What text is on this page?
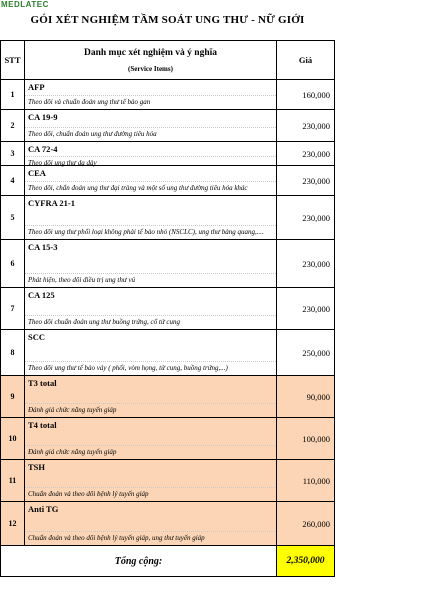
MEDLATEC
GÓI XÉT NGHIỆM TẦM SOÁT UNG THƯ - NỮ GIỚI
STT	Danh mục xét nghiệm và ý nghĩa
(Service Items)	Giá
1	AFP
Theo dõi và chuẩn đoán ung thư tế bào gan	160,000
2	CA 19-9
Theo dõi, chuẩn đoán ung thư đường tiêu hóa	230,000
3	CA 72-4
Theo dõi ung thư dạ dày	230,000
4	CEA
Theo dõi, chẩn đoán ung thư đại tràng và một số ung thư đường tiêu hóa khác	230,000
5	CYFRA 21-1
Theo dõi ung thư phổi loại không phải tế bào nhỏ (NSCLC), ung thư bàng quang,....	230,000
6	CA 15-3
Phát hiện, theo dõi điều trị ung thư vú	230,000
7	CA 125
Theo dõi chuẩn đoán ung thư buồng trứng, cổ tử cung	230,000
8	SCC
Theo dõi ung thư tế bào vảy ( phổi, vòm họng, tử cung, buồng trứng,...)	250,000
9	T3 total
Đánh giá chức năng tuyến giáp	90,000
10	T4 total
Đánh giá chức năng tuyến giáp	100,000
11	TSH
Chuẩn đoán và theo dõi bệnh lý tuyến giáp	110,000
12	Anti TG
Chuẩn đoán và theo dõi bệnh lý tuyến giáp, ung thư tuyến giáp	260,000
Tổng cộng:		2,350,000
